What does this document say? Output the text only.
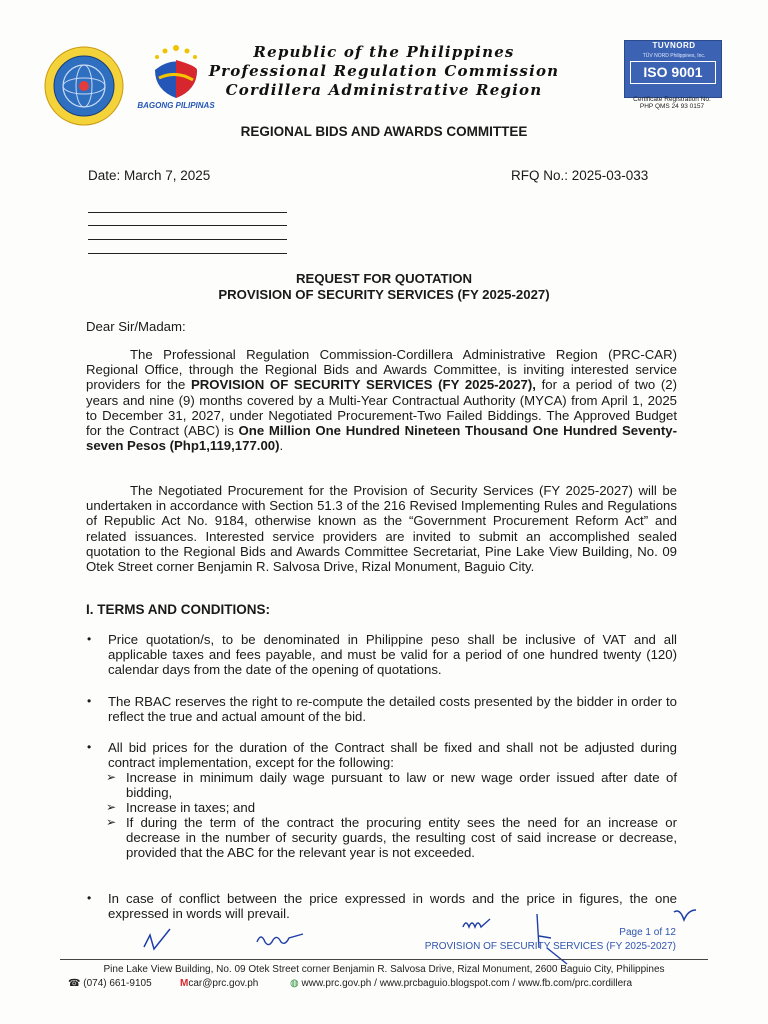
BAGONG PILIPINAS
Republic of the Philippines
Professional Regulation Commission
Cordillera Administrative Region
TUVNORD
TÜV NORD Philippines, Inc.
ISO 9001
Certificate Registration No.
PHP QMS 24 93 0157
REGIONAL BIDS AND AWARDS COMMITTEE
Date: March 7, 2025	RFQ No.: 2025-03-033
REQUEST FOR QUOTATION
PROVISION OF SECURITY SERVICES (FY 2025-2027)
Dear Sir/Madam:
The Professional Regulation Commission-Cordillera Administrative Region (PRC-CAR) Regional Office, through the Regional Bids and Awards Committee, is inviting interested service providers for the PROVISION OF SECURITY SERVICES (FY 2025-2027), for a period of two (2) years and nine (9) months covered by a Multi-Year Contractual Authority (MYCA) from April 1, 2025 to December 31, 2027, under Negotiated Procurement-Two Failed Biddings. The Approved Budget for the Contract (ABC) is One Million One Hundred Nineteen Thousand One Hundred Seventy-seven Pesos (Php1,119,177.00).
The Negotiated Procurement for the Provision of Security Services (FY 2025-2027) will be undertaken in accordance with Section 51.3 of the 216 Revised Implementing Rules and Regulations of Republic Act No. 9184, otherwise known as the “Government Procurement Reform Act” and related issuances. Interested service providers are invited to submit an accomplished sealed quotation to the Regional Bids and Awards Committee Secretariat, Pine Lake View Building, No. 09 Otek Street corner Benjamin R. Salvosa Drive, Rizal Monument, Baguio City.
I. TERMS AND CONDITIONS:
• Price quotation/s, to be denominated in Philippine peso shall be inclusive of VAT and all applicable taxes and fees payable, and must be valid for a period of one hundred twenty (120) calendar days from the date of the opening of quotations.
• The RBAC reserves the right to re-compute the detailed costs presented by the bidder in order to reflect the true and actual amount of the bid.
• All bid prices for the duration of the Contract shall be fixed and shall not be adjusted during contract implementation, except for the following:
➢ Increase in minimum daily wage pursuant to law or new wage order issued after date of bidding,
➢ Increase in taxes; and
➢ If during the term of the contract the procuring entity sees the need for an increase or decrease in the number of security guards, the resulting cost of said increase or decrease, provided that the ABC for the relevant year is not exceeded.
• In case of conflict between the price expressed in words and the price in figures, the one expressed in words will prevail.
Page 1 of 12
PROVISION OF SECURITY SERVICES (FY 2025-2027)
Pine Lake View Building, No. 09 Otek Street corner Benjamin R. Salvosa Drive, Rizal Monument, 2600 Baguio City, Philippines
☎ (074) 661-9105	Mcar@prc.gov.ph	◍ www.prc.gov.ph / www.prcbaguio.blogspot.com / www.fb.com/prc.cordillera
